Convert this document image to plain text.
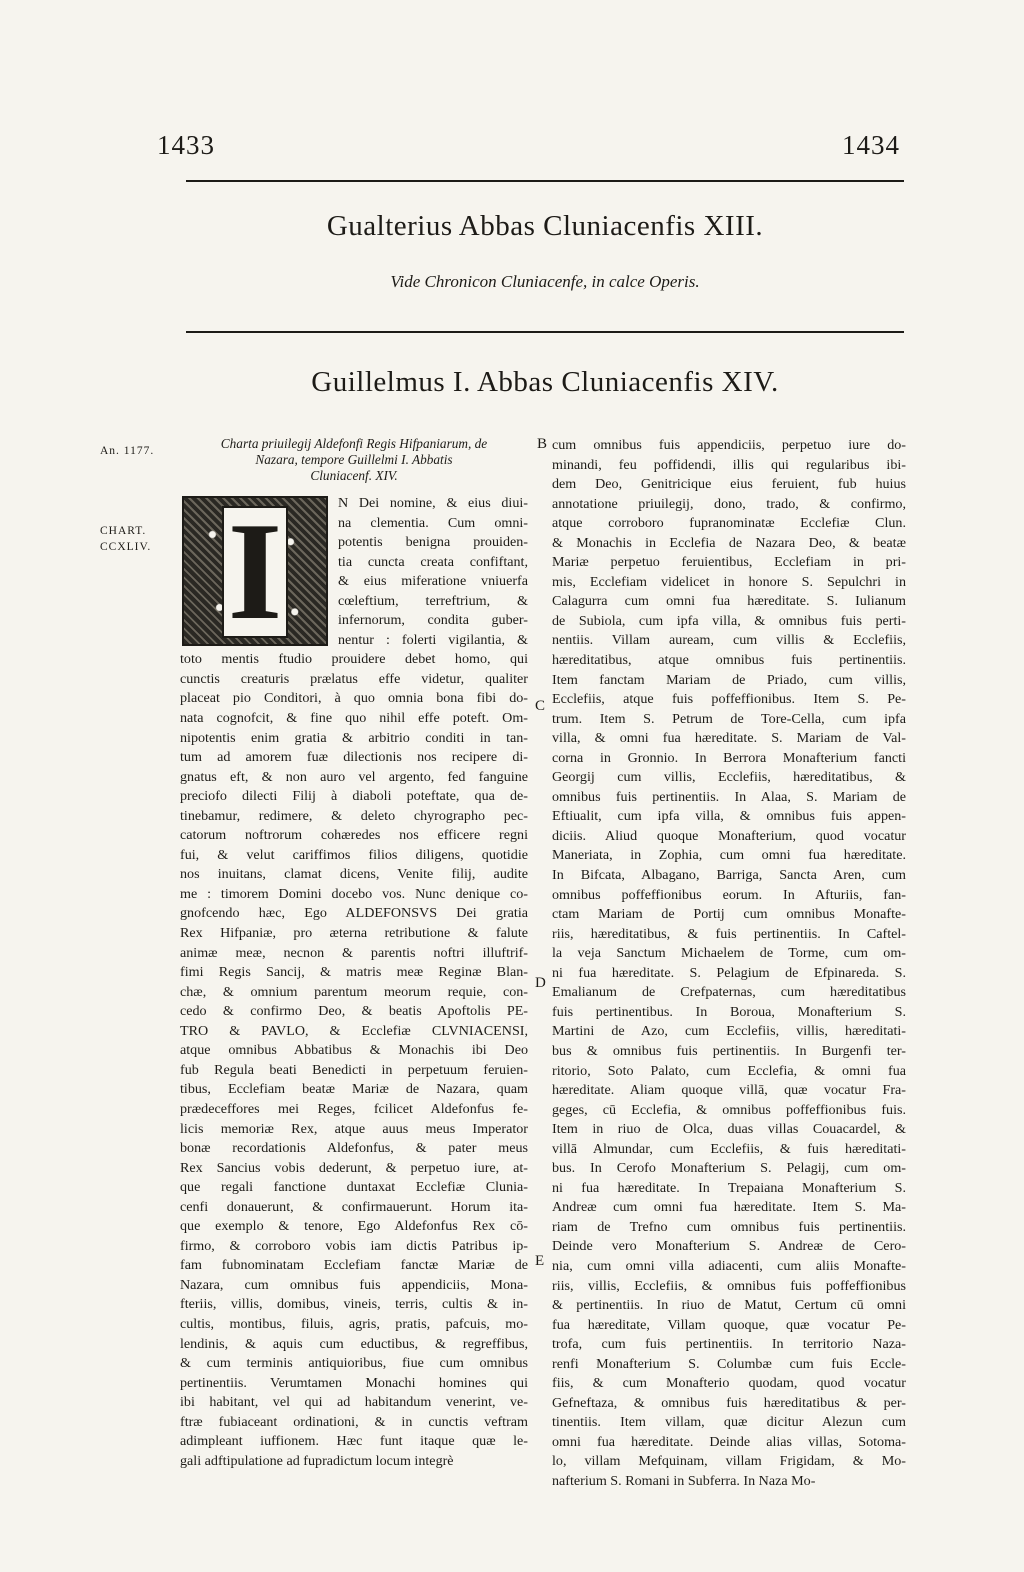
1433	1434
Gualterius Abbas Cluniacenfis XIII.
Vide Chronicon Cluniacenfe, in calce Operis.
Guillelmus I. Abbas Cluniacenfis XIV.
An. 1177.
CHART.
CCXLIV.
B
C
D
E
Charta priuilegij Aldefonfi Regis Hifpaniarum, de
Nazara, tempore Guillelmi I. Abbatis
Cluniacenf. XIV.
I	N Dei nomine, & eius diui-
na clementia. Cum omni-
potentis benigna prouiden-
tia cuncta creata confiftant,
& eius miferatione vniuerfa
cœleftium, terreftrium, &
infernorum, condita guber-
nentur : folerti vigilantia, &
toto mentis ftudio prouidere debet homo, qui
cunctis creaturis prælatus effe videtur, qualiter
placeat pio Conditori, à quo omnia bona fibi do-
nata cognofcit, & fine quo nihil effe poteft. Om-
nipotentis enim gratia & arbitrio conditi in tan-
tum ad amorem fuæ dilectionis nos recipere di-
gnatus eft, & non auro vel argento, fed fanguine
preciofo dilecti Filij à diaboli poteftate, qua de-
tinebamur, redimere, & deleto chyrographo pec-
catorum noftrorum cohæredes nos efficere regni
fui, & velut cariffimos filios diligens, quotidie
nos inuitans, clamat dicens, Venite filij, audite
me : timorem Domini docebo vos. Nunc denique co-
gnofcendo hæc, Ego ALDEFONSVS Dei gratia
Rex Hifpaniæ, pro æterna retributione & falute
animæ meæ, necnon & parentis noftri illuftrif-
fimi Regis Sancij, & matris meæ Reginæ Blan-
chæ, & omnium parentum meorum requie, con-
cedo & confirmo Deo, & beatis Apoftolis PE-
TRO & PAVLO, & Ecclefiæ CLVNIACENSI,
atque omnibus Abbatibus & Monachis ibi Deo
fub Regula beati Benedicti in perpetuum feruien-
tibus, Ecclefiam beatæ Mariæ de Nazara, quam
prædeceffores mei Reges, fcilicet Aldefonfus fe-
licis memoriæ Rex, atque auus meus Imperator
bonæ recordationis Aldefonfus, & pater meus
Rex Sancius vobis dederunt, & perpetuo iure, at-
que regali fanctione duntaxat Ecclefiæ Clunia-
cenfi donauerunt, & confirmauerunt. Horum ita-
que exemplo & tenore, Ego Aldefonfus Rex cō-
firmo, & corroboro vobis iam dictis Patribus ip-
fam fubnominatam Ecclefiam fanctæ Mariæ de
Nazara, cum omnibus fuis appendiciis, Mona-
fteriis, villis, domibus, vineis, terris, cultis & in-
cultis, montibus, filuis, agris, pratis, pafcuis, mo-
lendinis, & aquis cum eductibus, & regreffibus,
& cum terminis antiquioribus, fiue cum omnibus
pertinentiis. Verumtamen Monachi homines qui
ibi habitant, vel qui ad habitandum venerint, ve-
ftræ fubiaceant ordinationi, & in cunctis veftram
adimpleant iuffionem. Hæc funt itaque quæ le-
gali adftipulatione ad fupradictum locum integrè
cum omnibus fuis appendiciis, perpetuo iure do-
minandi, feu poffidendi, illis qui regularibus ibi-
dem Deo, Genitricique eius feruient, fub huius
annotatione priuilegij, dono, trado, & confirmo,
atque corroboro fupranominatæ Ecclefiæ Clun.
& Monachis in Ecclefia de Nazara Deo, & beatæ
Mariæ perpetuo feruientibus, Ecclefiam in pri-
mis, Ecclefiam videlicet in honore S. Sepulchri in
Calagurra cum omni fua hæreditate. S. Iulianum
de Subiola, cum ipfa villa, & omnibus fuis perti-
nentiis. Villam auream, cum villis & Ecclefiis,
hæreditatibus, atque omnibus fuis pertinentiis.
Item fanctam Mariam de Priado, cum villis,
Ecclefiis, atque fuis poffeffionibus. Item S. Pe-
trum. Item S. Petrum de Tore-Cella, cum ipfa
villa, & omni fua hæreditate. S. Mariam de Val-
corna in Gronnio. In Berrora Monafterium fancti
Georgij cum villis, Ecclefiis, hæreditatibus, &
omnibus fuis pertinentiis. In Alaa, S. Mariam de
Eftiualit, cum ipfa villa, & omnibus fuis appen-
diciis. Aliud quoque Monafterium, quod vocatur
Maneriata, in Zophia, cum omni fua hæreditate.
In Bifcata, Albagano, Barriga, Sancta Aren, cum
omnibus poffeffionibus eorum. In Afturiis, fan-
ctam Mariam de Portij cum omnibus Monafte-
riis, hæreditatibus, & fuis pertinentiis. In Caftel-
la veja Sanctum Michaelem de Torme, cum om-
ni fua hæreditate. S. Pelagium de Efpinareda. S.
Emalianum de Crefpaternas, cum hæreditatibus
fuis pertinentibus. In Boroua, Monafterium S.
Martini de Azo, cum Ecclefiis, villis, hæreditati-
bus & omnibus fuis pertinentiis. In Burgenfi ter-
ritorio, Soto Palato, cum Ecclefia, & omni fua
hæreditate. Aliam quoque villā, quæ vocatur Fra-
geges, cū Ecclefia, & omnibus poffeffionibus fuis.
Item in riuo de Olca, duas villas Couacardel, &
villā Almundar, cum Ecclefiis, & fuis hæreditati-
bus. In Cerofo Monafterium S. Pelagij, cum om-
ni fua hæreditate. In Trepaiana Monafterium S.
Andreæ cum omni fua hæreditate. Item S. Ma-
riam de Trefno cum omnibus fuis pertinentiis.
Deinde vero Monafterium S. Andreæ de Cero-
nia, cum omni villa adiacenti, cum aliis Monafte-
riis, villis, Ecclefiis, & omnibus fuis poffeffionibus
& pertinentiis. In riuo de Matut, Certum cū omni
fua hæreditate, Villam quoque, quæ vocatur Pe-
trofa, cum fuis pertinentiis. In territorio Naza-
renfi Monafterium S. Columbæ cum fuis Eccle-
fiis, & cum Monafterio quodam, quod vocatur
Gefneftaza, & omnibus fuis hæreditatibus & per-
tinentiis. Item villam, quæ dicitur Alezun cum
omni fua hæreditate. Deinde alias villas, Sotoma-
lo, villam Mefquinam, villam Frigidam, & Mo-
nafterium S. Romani in Subferra. In Naza Mo-
